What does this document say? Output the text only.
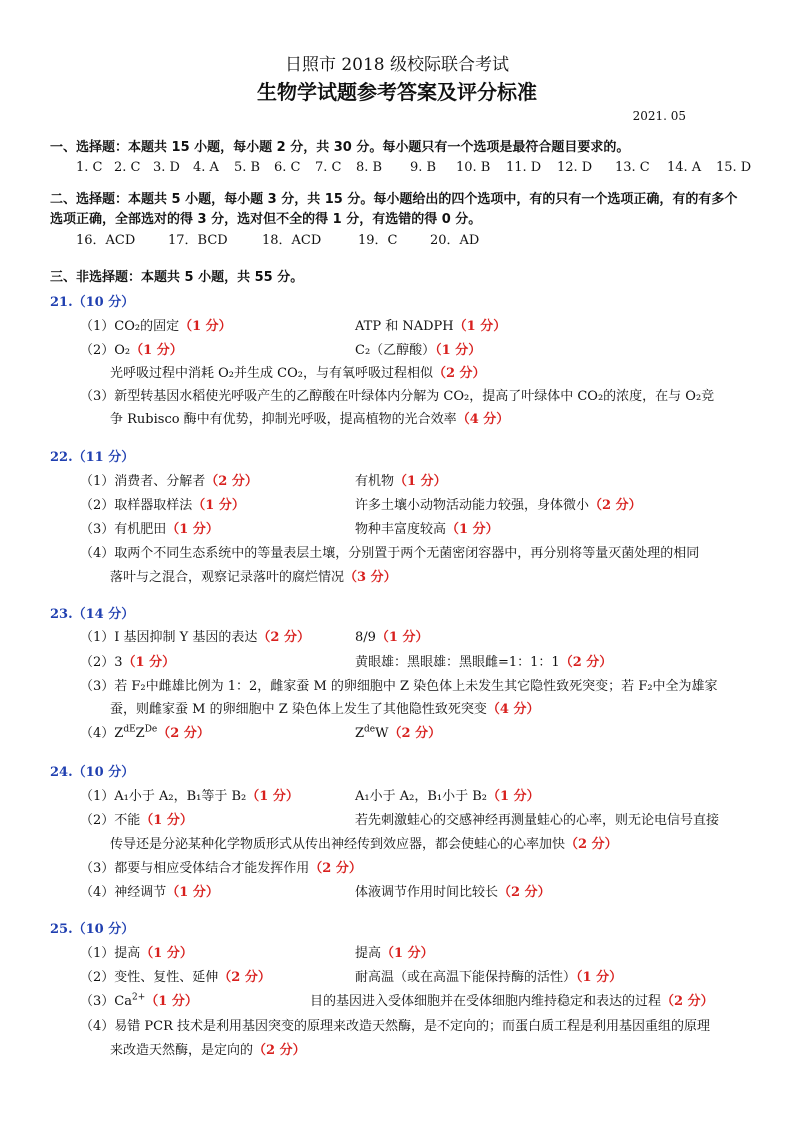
日照市 2018 级校际联合考试
生物学试题参考答案及评分标准
2021. 05
一、选择题：本题共 15 小题，每小题 2 分，共 30 分。每小题只有一个选项是最符合题目要求的。
1. C 2. C 3. D 4. A 5. B 6. C 7. C 8. B 9. B 10. B 11. D 12. D 13. C 14. A 15. D
二、选择题：本题共 5 小题，每小题 3 分，共 15 分。每小题给出的四个选项中，有的只有一个选项正确，有的有多个选项正确，全部选对的得 3 分，选对但不全的得 1 分，有选错的得 0 分。
16．ACD	17．BCD	18．ACD	19．C	20．AD
三、非选择题：本题共 5 小题，共 55 分。
21.（10 分）
（1）CO₂的固定（1 分）	ATP 和 NADPH（1 分）
（2）O₂（1 分）	C₂（乙醇酸）（1 分）
光呼吸过程中消耗 O₂并生成 CO₂，与有氧呼吸过程相似（2 分）
（3）新型转基因水稻使光呼吸产生的乙醇酸在叶绿体内分解为 CO₂，提高了叶绿体中 CO₂的浓度，在与 O₂竞
争 Rubisco 酶中有优势，抑制光呼吸，提高植物的光合效率（4 分）
22.（11 分）
（1）消费者、分解者（2 分）	有机物（1 分）
（2）取样器取样法（1 分）	许多土壤小动物活动能力较强，身体微小（2 分）
（3）有机肥田（1 分）	物种丰富度较高（1 分）
（4）取两个不同生态系统中的等量表层土壤，分别置于两个无菌密闭容器中，再分别将等量灭菌处理的相同
落叶与之混合，观察记录落叶的腐烂情况（3 分）
23.（14 分）
（1）I 基因抑制 Y 基因的表达（2 分）	8/9（1 分）
（2）3（1 分）	黄眼雄：黑眼雄：黑眼雌=1：1：1（2 分）
（3）若 F₂中雌雄比例为 1：2，雌家蚕 M 的卵细胞中 Z 染色体上未发生其它隐性致死突变；若 F₂中全为雄家
蚕，则雌家蚕 M 的卵细胞中 Z 染色体上发生了其他隐性致死突变（4 分）
$(4)Z^{dE}Z^{De}(2$ 分）	$Z^{de}W(2$ 分）
24.（10 分）
（1）A₁小于 A₂，B₁等于 B₂（1 分）	A₁小于 A₂，B₁小于 B₂（1 分）
（2）不能（1 分）	若先刺激蛙心的交感神经再测量蛙心的心率，则无论电信号直接
传导还是分泌某种化学物质形式从传出神经传到效应器，都会使蛙心的心率加快（2 分）
（3）都要与相应受体结合才能发挥作用（2 分）
（4）神经调节（1 分）	体液调节作用时间比较长（2 分）
25.（10 分）
（1）提高（1 分）	提高（1 分）
（2）变性、复性、延伸（2 分）	耐高温（或在高温下能保持酶的活性）（1 分）
$(3)Ca^{2+}(1$ 分）	目的基因进入受体细胞并在受体细胞内维持稳定和表达的过程（2 分）
（4）易错 PCR 技术是利用基因突变的原理来改造天然酶，是不定向的；而蛋白质工程是利用基因重组的原理
来改造天然酶，是定向的（2 分）
